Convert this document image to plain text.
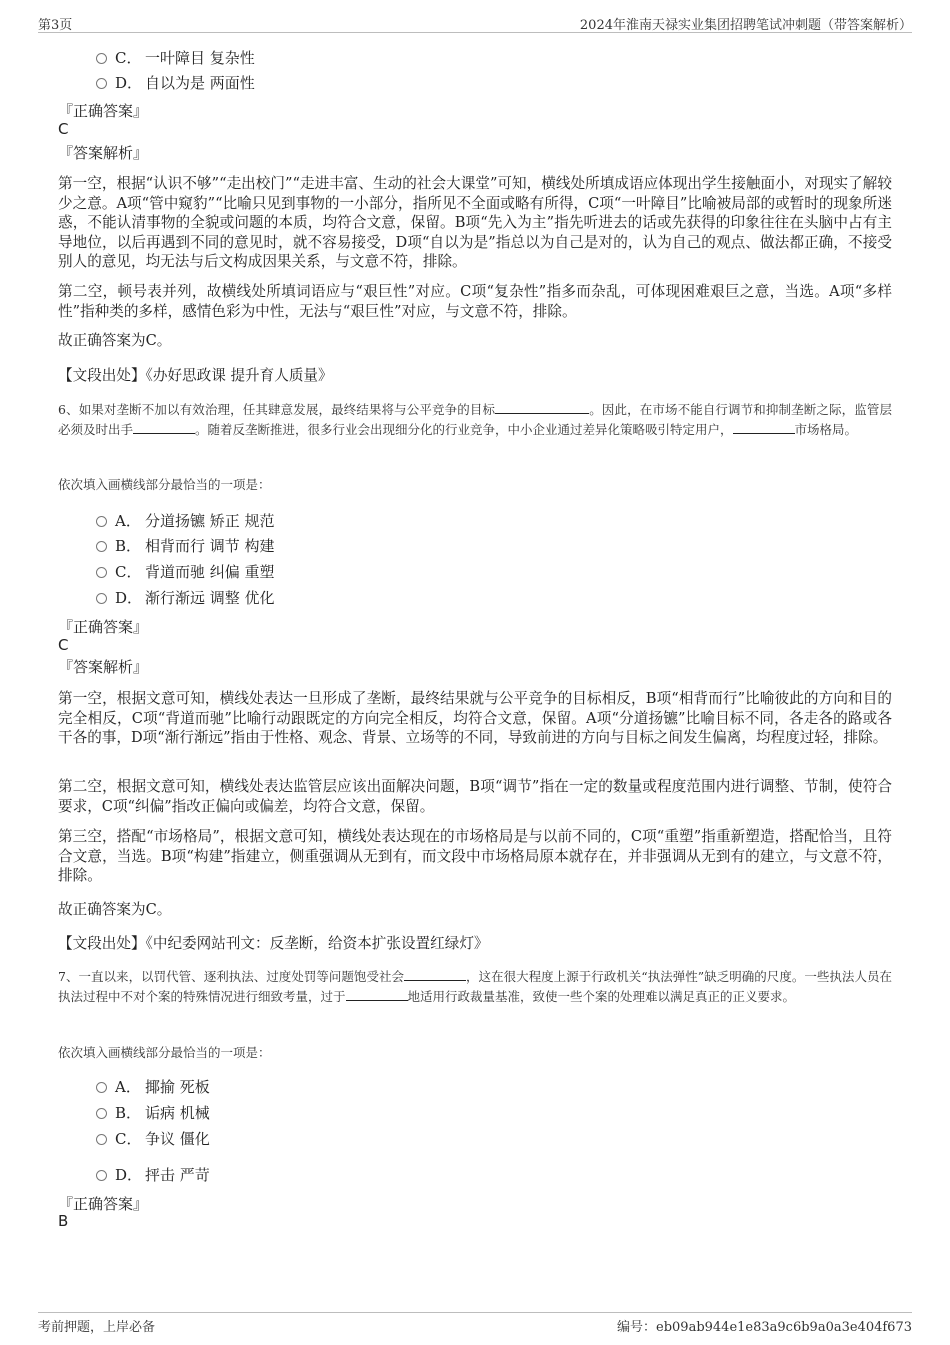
第3页	2024年淮南天禄实业集团招聘笔试冲刺题（带答案解析）
C． 一叶障目 复杂性
D． 自以为是 两面性
『正确答案』
C
『答案解析』
第一空，根据“认识不够”“走出校门”“走进丰富、生动的社会大课堂”可知，横线处所填成语应体现出学生接触面小，对现实了解较少之意。A项“管中窥豹”“比喻只见到事物的一小部分，指所见不全面或略有所得，C项“一叶障目”比喻被局部的或暂时的现象所迷惑，不能认清事物的全貌或问题的本质，均符合文意，保留。B项“先入为主”指先听进去的话或先获得的印象往往在头脑中占有主导地位，以后再遇到不同的意见时，就不容易接受，D项“自以为是”指总以为自己是对的，认为自己的观点、做法都正确，不接受别人的意见，均无法与后文构成因果关系，与文意不符，排除。
第二空，顿号表并列，故横线处所填词语应与“艰巨性”对应。C项“复杂性”指多而杂乱，可体现困难艰巨之意，当选。A项“多样性”指种类的多样，感情色彩为中性，无法与“艰巨性”对应，与文意不符，排除。
故正确答案为C。
【文段出处】《办好思政课 提升育人质量》
6、如果对垄断不加以有效治理，任其肆意发展，最终结果将与公平竞争的目标	。因此，在市场不能自行调节和抑制垄断之际，监管层必须及时出手	。随着反垄断推进，很多行业会出现细分化的行业竞争，中小企业通过差异化策略吸引特定用户，	市场格局。
依次填入画横线部分最恰当的一项是：
A． 分道扬镳 矫正 规范
B． 相背而行 调节 构建
C． 背道而驰 纠偏 重塑
D． 渐行渐远 调整 优化
『正确答案』
C
『答案解析』
第一空，根据文意可知，横线处表达一旦形成了垄断，最终结果就与公平竞争的目标相反，B项“相背而行”比喻彼此的方向和目的完全相反，C项“背道而驰”比喻行动跟既定的方向完全相反，均符合文意，保留。A项“分道扬镳”比喻目标不同，各走各的路或各干各的事，D项“渐行渐远”指由于性格、观念、背景、立场等的不同，导致前进的方向与目标之间发生偏离，均程度过轻，排除。
第二空，根据文意可知，横线处表达监管层应该出面解决问题，B项“调节”指在一定的数量或程度范围内进行调整、节制，使符合要求，C项“纠偏”指改正偏向或偏差，均符合文意，保留。
第三空，搭配“市场格局”，根据文意可知，横线处表达现在的市场格局是与以前不同的，C项“重塑”指重新塑造，搭配恰当，且符合文意，当选。B项“构建”指建立，侧重强调从无到有，而文段中市场格局原本就存在，并非强调从无到有的建立，与文意不符，排除。
故正确答案为C。
【文段出处】《中纪委网站刊文：反垄断，给资本扩张设置红绿灯》
7、一直以来，以罚代管、逐利执法、过度处罚等问题饱受社会	，这在很大程度上源于行政机关“执法弹性”缺乏明确的尺度。一些执法人员在执法过程中不对个案的特殊情况进行细致考量，过于	地适用行政裁量基准，致使一些个案的处理难以满足真正的正义要求。
依次填入画横线部分最恰当的一项是：
A． 揶揄 死板
B． 诟病 机械
C． 争议 僵化
D． 抨击 严苛
『正确答案』
B
考前押题，上岸必备	编号：eb09ab944e1e83a9c6b9a0a3e404f673
